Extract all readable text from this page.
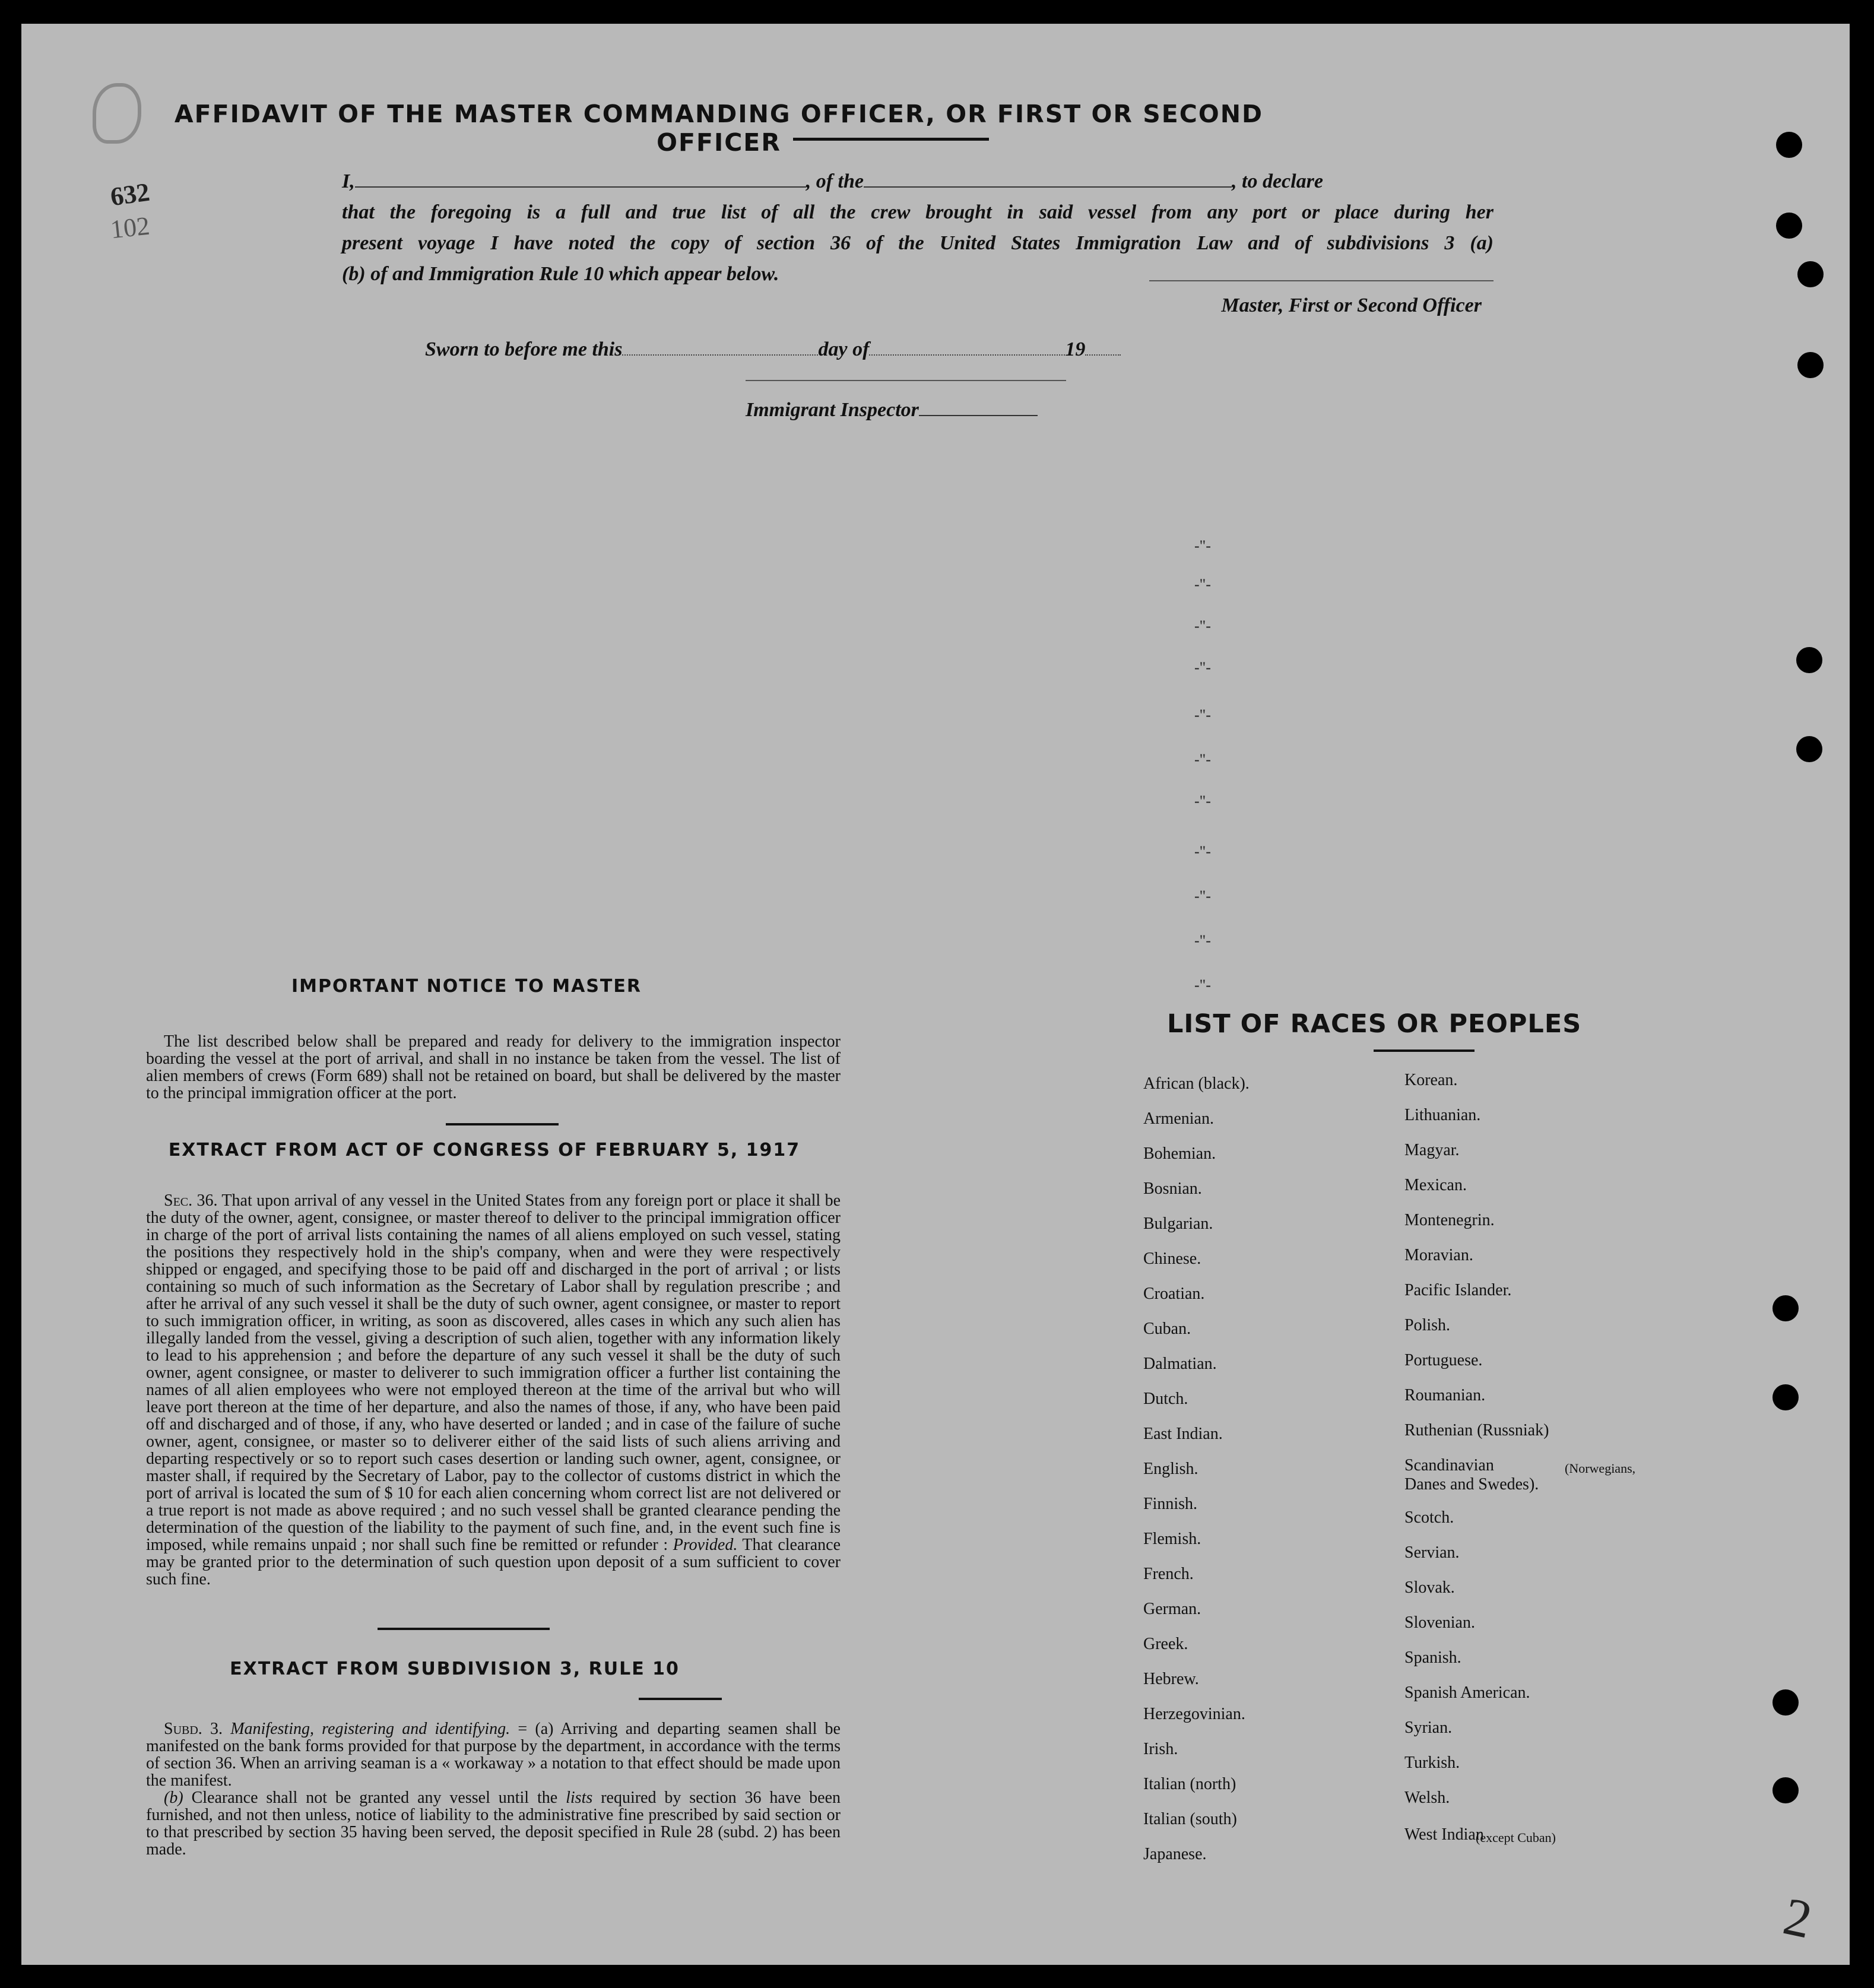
⠀
632
102
AFFIDAVIT OF THE MASTER COMMANDING OFFICER, OR FIRST OR SECOND OFFICER
I,	, of the	, to declare
that the foregoing is a full and true list of all the crew brought in said vessel from any port or place during her
present voyage I have noted the copy of section 36 of the United States Immigration Law and of subdivisions 3 (a)
(b) of and Immigration Rule 10 which appear below.
Master, First or Second Officer
Sworn to before me this	day of	19
Immigrant Inspector
-"-
-"-
-"-
-"-
-"-
-"-
-"-
-"-
-"-
-"-
-"-
IMPORTANT NOTICE TO MASTER
The list described below shall be prepared and ready for delivery to the immigration inspector boarding the vessel at the port of arrival, and shall in no instance be taken from the vessel. The list of alien members of crews (Form 689) shall not be retained on board, but shall be delivered by the master to the principal immigration officer at the port.
EXTRACT FROM ACT OF CONGRESS OF FEBRUARY 5, 1917
Sec. 36. That upon arrival of any vessel in the United States from any foreign port or place it shall be the duty of the owner, agent, consignee, or master thereof to deliver to the principal immigration officer in charge of the port of arrival lists containing the names of all aliens employed on such vessel, stating the positions they respectively hold in the ship's company, when and were they were respectively shipped or engaged, and specifying those to be paid off and discharged in the port of arrival ; or lists containing so much of such information as the Secretary of Labor shall by regulation prescribe ; and after he arrival of any such vessel it shall be the duty of such owner, agent consignee, or master to report to such immigration officer, in writing, as soon as discovered, alles cases in which any such alien has illegally landed from the vessel, giving a description of such alien, together with any information likely to lead to his apprehension ; and before the departure of any such vessel it shall be the duty of such owner, agent consignee, or master to deliverer to such immigration officer a further list containing the names of all alien employees who were not employed thereon at the time of the arrival but who will leave port thereon at the time of her departure, and also the names of those, if any, who have been paid off and discharged and of those, if any, who have deserted or landed ; and in case of the failure of suche owner, agent, consignee, or master so to deliverer either of the said lists of such aliens arriving and departing respectively or so to report such cases desertion or landing such owner, agent, consignee, or master shall, if required by the Secretary of Labor, pay to the collector of customs district in which the port of arrival is located the sum of $ 10 for each alien concerning whom correct list are not delivered or a true report is not made as above required ; and no such vessel shall be granted clearance pending the determination of the question of the liability to the payment of such fine, and, in the event such fine is imposed, while remains unpaid ; nor shall such fine be remitted or refunder : Provided. That clearance may be granted prior to the determination of such question upon deposit of a sum sufficient to cover such fine.
EXTRACT FROM SUBDIVISION 3, RULE 10
Subd. 3. Manifesting, registering and identifying. = (a) Arriving and departing seamen shall be manifested on the bank forms provided for that purpose by the department, in accordance with the terms of section 36. When an arriving seaman is a « workaway » a notation to that effect should be made upon the manifest.
(b) Clearance shall not be granted any vessel until the lists required by section 36 have been furnished, and not then unless, notice of liability to the administrative fine prescribed by said section or to that prescribed by section 35 having been served, the deposit specified in Rule 28 (subd. 2) has been made.
LIST OF RACES OR PEOPLES
African (black).
Armenian.
Bohemian.
Bosnian.
Bulgarian.
Chinese.
Croatian.
Cuban.
Dalmatian.
Dutch.
East Indian.
English.
Finnish.
Flemish.
French.
German.
Greek.
Hebrew.
Herzegovinian.
Irish.
Italian (north)
Italian (south)
Japanese.
Korean.
Lithuanian.
Magyar.
Mexican.
Montenegrin.
Moravian.
Pacific Islander.
Polish.
Portuguese.
Roumanian.
Ruthenian (Russniak)
Scandinavian
Scotch.
Servian.
Slovak.
Slovenian.
Spanish.
Spanish American.
Syrian.
Turkish.
Welsh.
West Indian
(Norwegians,
Danes and Swedes).
(except Cuban)
2
